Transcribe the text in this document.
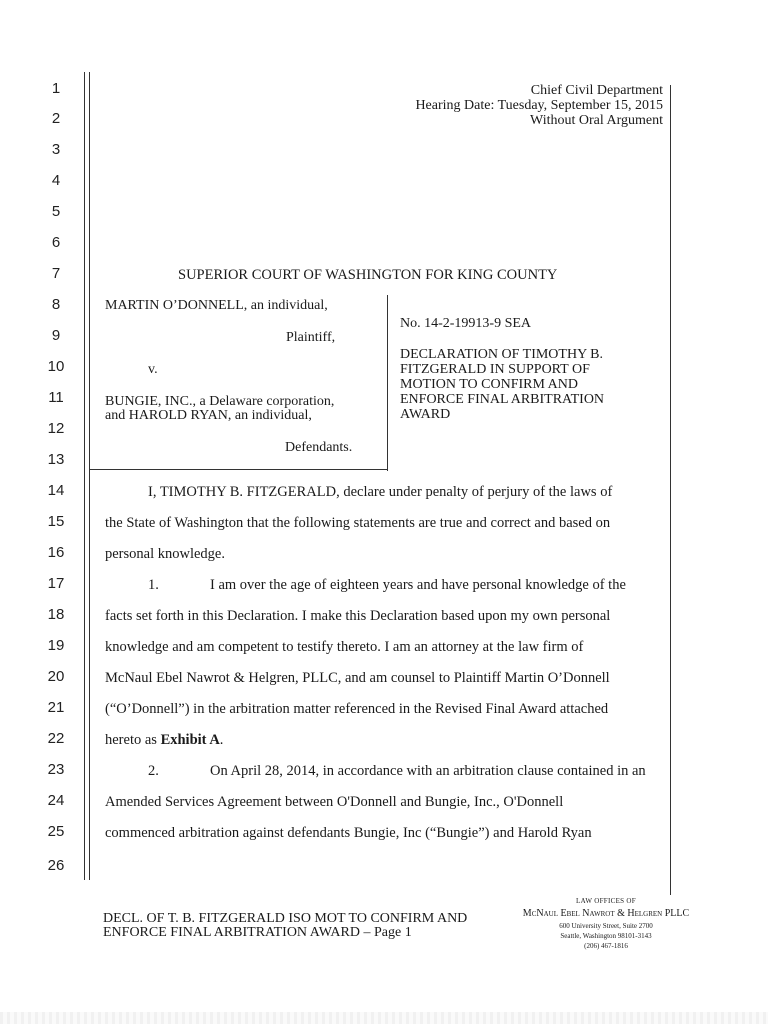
Chief Civil Department
Hearing Date: Tuesday, September 15, 2015
Without Oral Argument
1
2
3
4
5
6
7
8
9
10
11
12
13
14
15
16
17
18
19
20
21
22
23
24
25
26
SUPERIOR COURT OF WASHINGTON FOR KING COUNTY
MARTIN O’DONNELL, an individual,
Plaintiff,
v.
BUNGIE, INC., a Delaware corporation,
and HAROLD RYAN, an individual,
Defendants.
No. 14-2-19913-9 SEA
DECLARATION OF TIMOTHY B.
FITZGERALD IN SUPPORT OF
MOTION TO CONFIRM AND
ENFORCE FINAL ARBITRATION
AWARD
I, TIMOTHY B. FITZGERALD, declare under penalty of perjury of the laws of
the State of Washington that the following statements are true and correct and based on
personal knowledge.
1.	I am over the age of eighteen years and have personal knowledge of the
facts set forth in this Declaration. I make this Declaration based upon my own personal
knowledge and am competent to testify thereto. I am an attorney at the law firm of
McNaul Ebel Nawrot & Helgren, PLLC, and am counsel to Plaintiff Martin O’Donnell
(“O’Donnell”) in the arbitration matter referenced in the Revised Final Award attached
hereto as Exhibit A.
2.	On April 28, 2014, in accordance with an arbitration clause contained in an
Amended Services Agreement between O'Donnell and Bungie, Inc., O'Donnell
commenced arbitration against defendants Bungie, Inc (“Bungie”) and Harold Ryan
DECL. OF T. B. FITZGERALD ISO MOT TO CONFIRM AND
ENFORCE FINAL ARBITRATION AWARD – Page 1
LAW OFFICES OF
McNaul Ebel Nawrot & Helgren PLLC
600 University Street, Suite 2700
Seattle, Washington 98101-3143
(206) 467-1816
